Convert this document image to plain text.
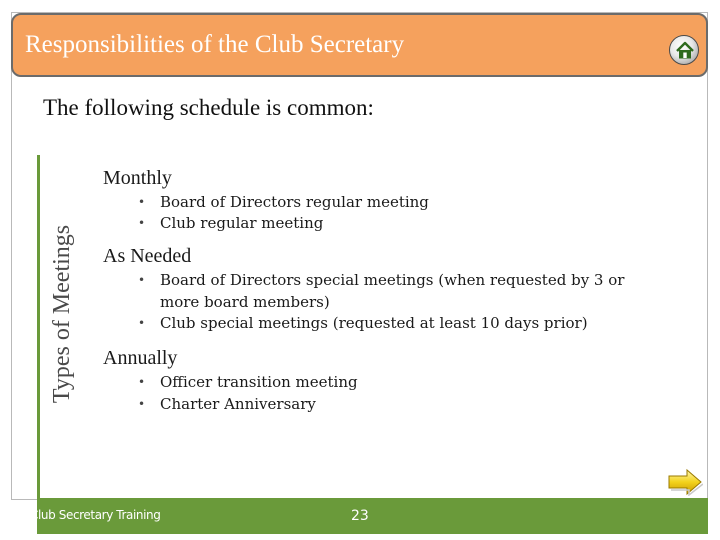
Responsibilities of the Club Secretary
The following schedule is common:
Types of Meetings
Monthly
• Board of Directors regular meeting
• Club regular meeting
As Needed
• Board of Directors special meetings (when requested by 3 or more board members)
• Club special meetings (requested at least 10 days prior)
Annually
• Officer transition meeting
• Charter Anniversary
Club Secretary Training	23
